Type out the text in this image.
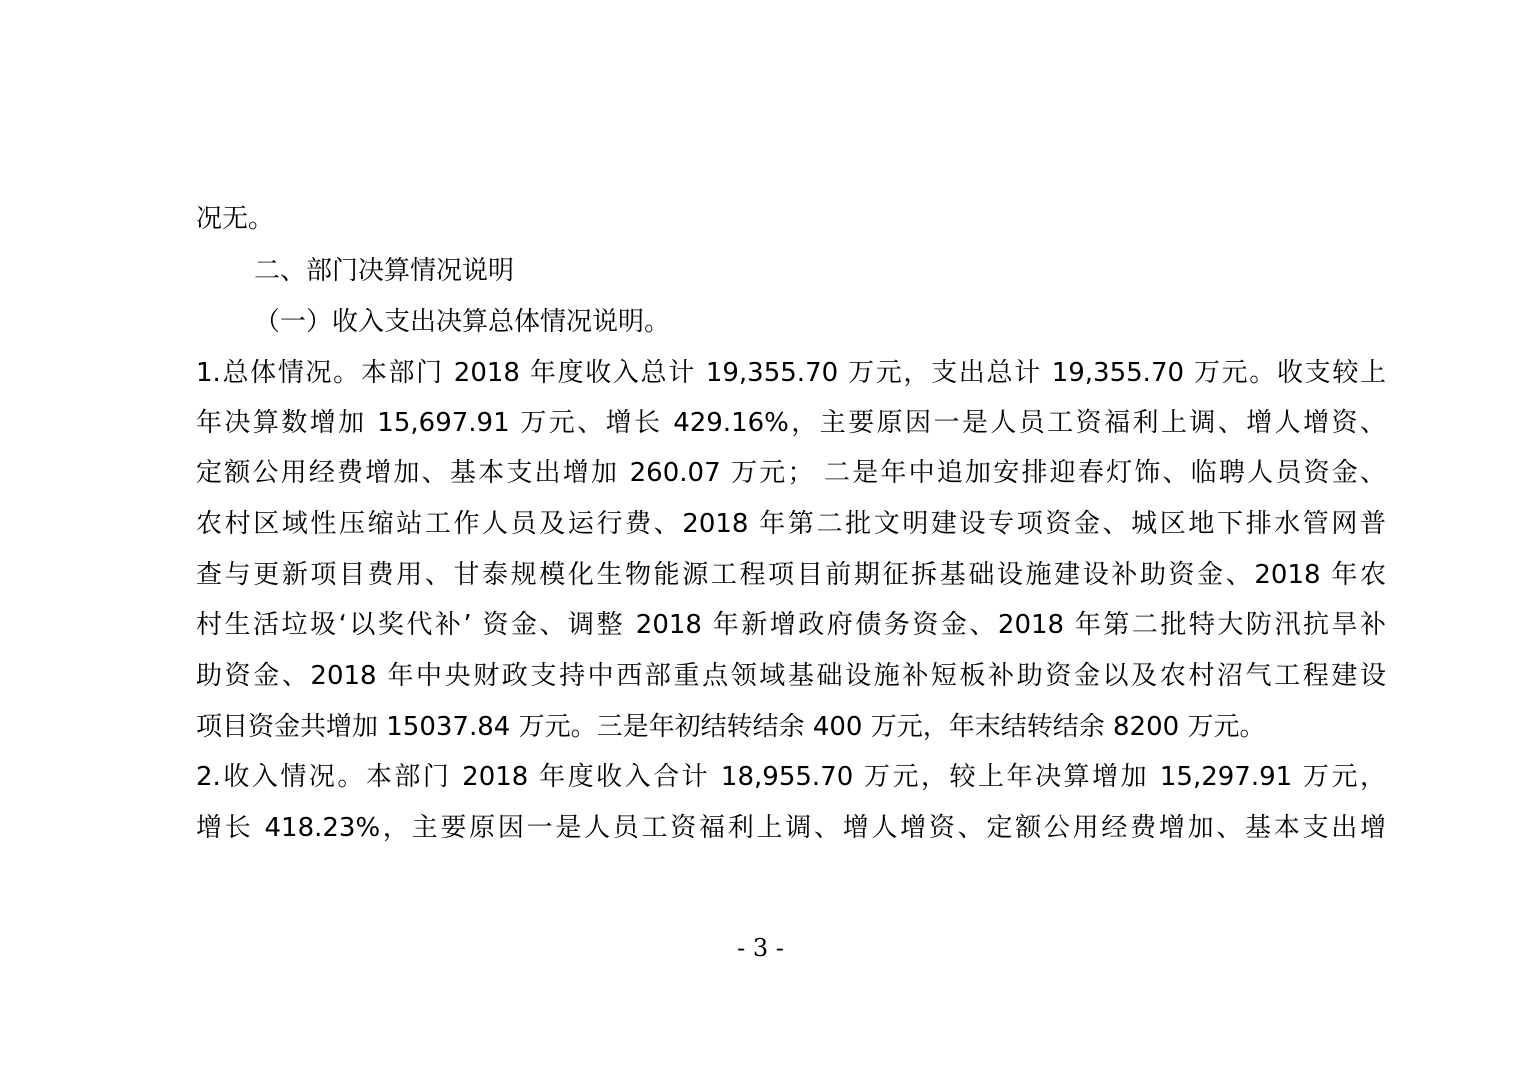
况无。
二、部门决算情况说明
（一）收入支出决算总体情况说明。
1.总体情况。本部门 2018 年度收入总计 19,355.70 万元，支出总计 19,355.70 万元。收支较上
年决算数增加 15,697.91 万元、增长 429.16%，主要原因一是人员工资福利上调、增人增资、
定额公用经费增加、基本支出增加 260.07 万元； 二是年中追加安排迎春灯饰、临聘人员资金、
农村区域性压缩站工作人员及运行费、2018 年第二批文明建设专项资金、城区地下排水管网普
查与更新项目费用、甘泰规模化生物能源工程项目前期征拆基础设施建设补助资金、2018 年农
村生活垃圾‘以奖代补’ 资金、调整 2018 年新增政府债务资金、2018 年第二批特大防汛抗旱补
助资金、2018 年中央财政支持中西部重点领域基础设施补短板补助资金以及农村沼气工程建设
项目资金共增加 15037.84 万元。三是年初结转结余 400 万元，年末结转结余 8200 万元。
2.收入情况。本部门 2018 年度收入合计 18,955.70 万元，较上年决算增加 15,297.91 万元，
增长 418.23%，主要原因一是人员工资福利上调、增人增资、定额公用经费增加、基本支出增
- 3 -
